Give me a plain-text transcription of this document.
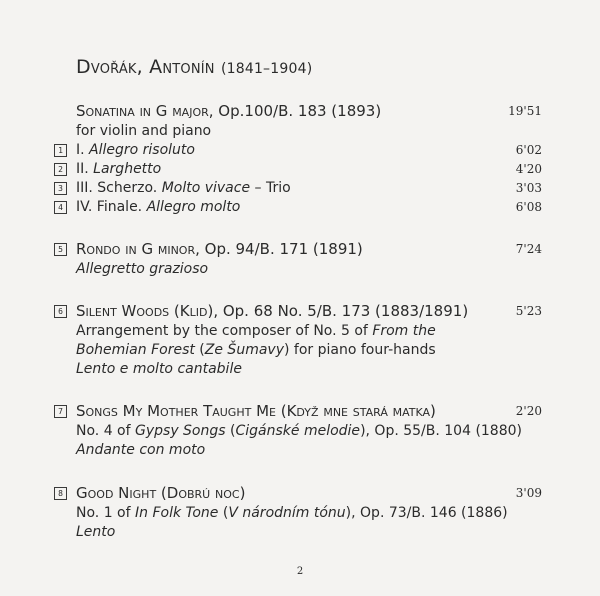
Dvořák, Antonín (1841–1904)
Sonatina in G major, Op.100/B. 183 (1893)	19'51
for violin and piano
1 I. Allegro risoluto	6'02
2 II. Larghetto	4'20
3 III. Scherzo. Molto vivace – Trio	3'03
4 IV. Finale. Allegro molto	6'08
5 Rondo in G minor, Op. 94/B. 171 (1891)	7'24
Allegretto grazioso
6 Silent Woods (Klid), Op. 68 No. 5/B. 173 (1883/1891)	5'23
Arrangement by the composer of No. 5 of From the
Bohemian Forest (Ze Šumavy) for piano four-hands
Lento e molto cantabile
7 Songs My Mother Taught Me (Když mne stará matka)	2'20
No. 4 of Gypsy Songs (Cigánské melodie), Op. 55/B. 104 (1880)
Andante con moto
8 Good Night (Dobrú noc)	3'09
No. 1 of In Folk Tone (V národním tónu), Op. 73/B. 146 (1886)
Lento
2
